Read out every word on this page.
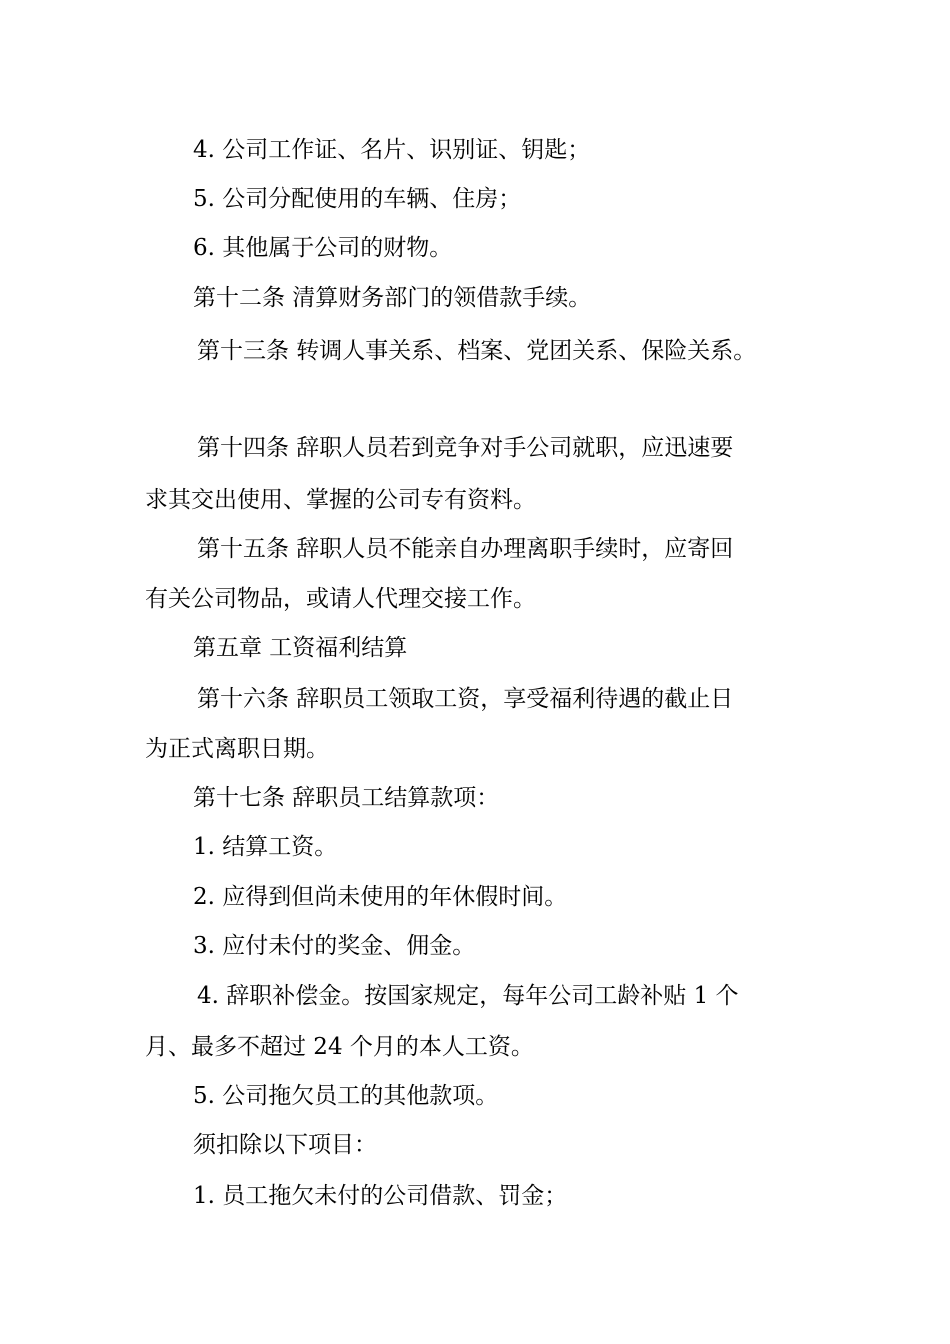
4. 公司工作证、名片、识别证、钥匙；
5. 公司分配使用的车辆、住房；
6. 其他属于公司的财物。
第十二条 清算财务部门的领借款手续。
第十三条 转调人事关系、档案、党团关系、保险关系。
第十四条 辞职人员若到竞争对手公司就职，应迅速要
求其交出使用、掌握的公司专有资料。
第十五条 辞职人员不能亲自办理离职手续时，应寄回
有关公司物品，或请人代理交接工作。
第五章 工资福利结算
第十六条 辞职员工领取工资，享受福利待遇的截止日
为正式离职日期。
第十七条 辞职员工结算款项：
1. 结算工资。
2. 应得到但尚未使用的年休假时间。
3. 应付未付的奖金、佣金。
4. 辞职补偿金。按国家规定，每年公司工龄补贴 1 个
月、最多不超过 24 个月的本人工资。
5. 公司拖欠员工的其他款项。
须扣除以下项目：
1. 员工拖欠未付的公司借款、罚金；
